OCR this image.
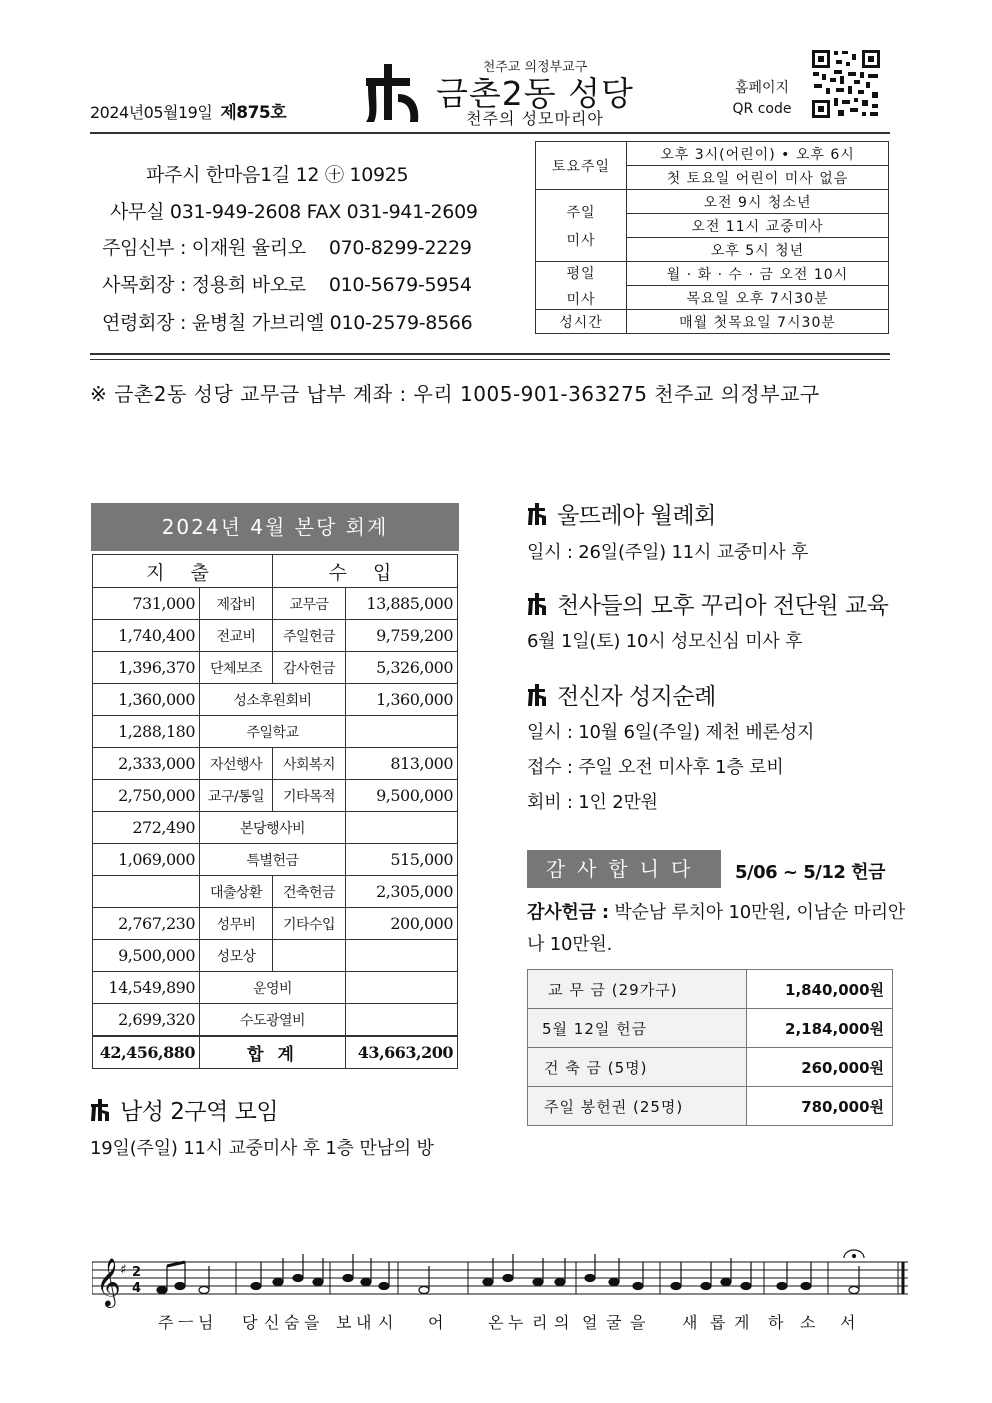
2024년05월19일 제875호
천주교 의정부교구
금촌2동 성당
천주의 성모마리아
홈페이지
QR code
파주시 한마음1길 12 ㊉ 10925
사무실 031-949-2608 FAX 031-941-2609
주임신부 : 이재원 율리오    070-8299-2229
사목회장 : 정용희 바오로    010-5679-5954
연령회장 : 윤병칠 가브리엘 010-2579-8566
토요주일	오후 3시(어린이) • 오후 6시
	첫 토요일 어린이 미사 없음

주일
미사	오전 9시 청소년
	오전 11시 교중미사
	오후 5시 청년

평일
미사	월 · 화 · 수 · 금 오전 10시
	목요일 오후 7시30분
성시간	매월 첫목요일 7시30분
※ 금촌2동 성당 교무금 납부 계좌 : 우리 1005-901-363275 천주교 의정부교구
2024년 4월 본당 회계
지 출		수 입	
731,000	제잡비	교무금	13,885,000
1,740,400	전교비	주일헌금	9,759,200
1,396,370	단체보조	감사헌금	5,326,000
1,360,000	성소후원회비		1,360,000
1,288,180	주일학교		
2,333,000	자선행사	사회복지	813,000
2,750,000	교구/통일	기타목적	9,500,000
272,490	본당행사비		
1,069,000	특별헌금		515,000
	대출상환	건축헌금	2,305,000
2,767,230	성무비	기타수입	200,000
9,500,000	성모상		
14,549,890	운영비		
2,699,320	수도광열비		
42,456,880	합 계		43,663,200
남성 2구역 모임
19일(주일) 11시 교중미사 후 1층 만남의 방
울뜨레아 월례회
일시 : 26일(주일) 11시 교중미사 후
천사들의 모후 꾸리아 전단원 교육
6월 1일(토) 10시 성모신심 미사 후
전신자 성지순례
일시 : 10월 6일(주일) 제천 베론성지
접수 : 주일 오전 미사후 1층 로비
회비 : 1인 2만원
감사합니다	5/06 ~ 5/12 헌금
감사헌금 : 박순남 루치아 10만원, 이남순 마리안나 10만원.
교 무 금 (29가구)	1,840,000원
5월 12일 헌금	2,184,000원
건 축 금 (5명)	260,000원
주일 봉헌권 (25명)	780,000원
𝄞 ♯ 2
4
주 ㅡ 님 당 신 숨 을 보 내 시 어	온 누 리 의 얼 굴 을 새 롭 게 하 소 서
